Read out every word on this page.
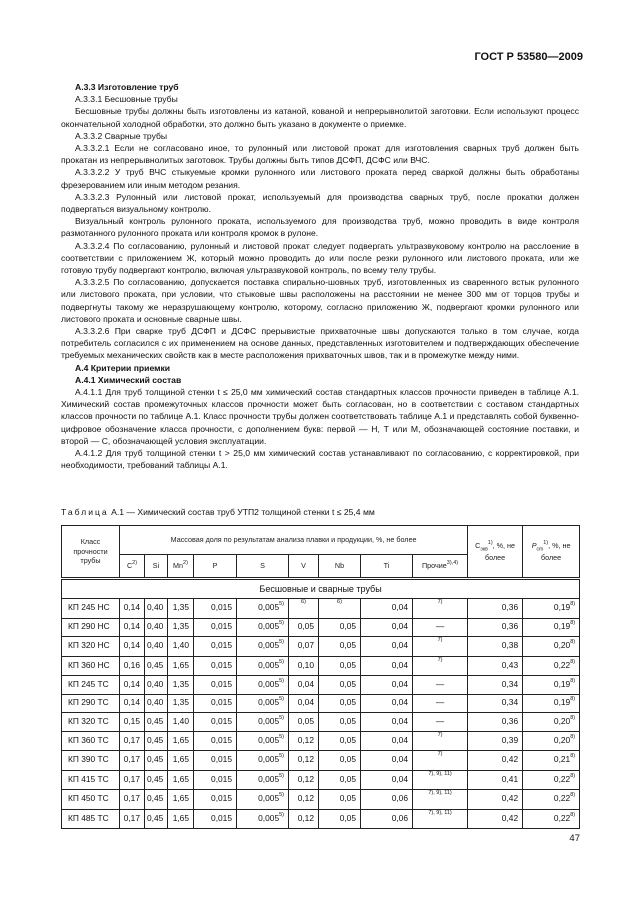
ГОСТ Р 53580—2009

А.3.3 Изготовление труб

А.3.3.1 Бесшовные трубы

Бесшовные трубы должны быть изготовлены из катаной, кованой и непрерывнолитой заготовки. Если используют процесс окончательной холодной обработки, это должно быть указано в документе о приемке.

А.3.3.2 Сварные трубы

А.3.3.2.1 Если не согласовано иное, то рулонный или листовой прокат для изготовления сварных труб должен быть прокатан из непрерывнолитых заготовок. Трубы должны быть типов ДСФП, ДСФС или ВЧС.

А.3.3.2.2 У труб ВЧС стыкуемые кромки рулонного или листового проката перед сваркой должны быть обработаны фрезерованием или иным методом резания.

А.3.3.2.3 Рулонный или листовой прокат, используемый для производства сварных труб, после прокатки должен подвергаться визуальному контролю.

Визуальный контроль рулонного проката, используемого для производства труб, можно проводить в виде контроля размотанного рулонного проката или контроля кромок в рулоне.

А.3.3.2.4 По согласованию, рулонный и листовой прокат следует подвергать ультразвуковому контролю на расслоение в соответствии с приложением Ж, который можно проводить до или после резки рулонного или листового проката, или же готовую трубу подвергают контролю, включая ультразвуковой контроль, по всему телу трубы.

А.3.3.2.5 По согласованию, допускается поставка спирально-шовных труб, изготовленных из сваренного встык рулонного или листового проката, при условии, что стыковые швы расположены на расстоянии не менее 300 мм от торцов трубы и подвергнуты такому же неразрушающему контролю, которому, согласно приложению Ж, подвергают кромки рулонного или листового проката и основные сварные швы.

А.3.3.2.6 При сварке труб ДСФП и ДСФС прерывистые прихваточные швы допускаются только в том случае, когда потребитель согласился с их применением на основе данных, представленных изготовителем и подтверждающих обеспечение требуемых механических свойств как в месте расположения прихваточных швов, так и в промежутке между ними.

А.4 Критерии приемки

А.4.1 Химический состав

А.4.1.1 Для труб толщиной стенки t ≤ 25,0 мм химический состав стандартных классов прочности приведен в таблице А.1. Химический состав промежуточных классов прочности может быть согласован, но в соответствии с составом стандартных классов прочности по таблице А.1. Класс прочности трубы должен соответствовать таблице А.1 и представлять собой буквенно-цифровое обозначение класса прочности, с дополнением букв: первой — Н, Т или М, обозначающей состояние поставки, и второй — С, обозначающей условия эксплуатации.

А.4.1.2 Для труб толщиной стенки t > 25,0 мм химический состав устанавливают по согласованию, с корректировкой, при необходимости, требований таблицы А.1.

Таблица А.1 — Химический состав труб УТП2 толщиной стенки t ≤ 25,4 мм
Класс прочности трубы	Массовая доля по результатам анализа плавки и продукции, %, не более									$C_{экв}^{1)}$, %, не более	$P_{cm}^{1)}$, %, не более
	$C^{2)}$	Si	Mn$^{2)}$	P	S	V	Nb	Ti	Прочие$^{3),4)}$
Бесшовные и сварные трубы											
КП 245 НС	0,14	0,40	1,35	0,015	0,005$^{5)}$	$^{6)}$	$^{6)}$	0,04	$^{7)}$	0,36	0,19$^{8)}$
КП 290 НС	0,14	0,40	1,35	0,015	0,005$^{5)}$	0,05	0,05	0,04	—	0,36	0,19$^{8)}$
КП 320 НС	0,14	0,40	1,40	0,015	0,005$^{5)}$	0,07	0,05	0,04	$^{7)}$	0,38	0,20$^{8)}$
КП 360 НС	0,16	0,45	1,65	0,015	0,005$^{5)}$	0,10	0,05	0,04	$^{7)}$	0,43	0,22$^{8)}$
КП 245 ТС	0,14	0,40	1,35	0,015	0,005$^{5)}$	0,04	0,05	0,04	—	0,34	0,19$^{8)}$
КП 290 ТС	0,14	0,40	1,35	0,015	0,005$^{5)}$	0,04	0,05	0,04	—	0,34	0,19$^{8)}$
КП 320 ТС	0,15	0,45	1,40	0,015	0,005$^{5)}$	0,05	0,05	0,04	—	0,36	0,20$^{8)}$
КП 360 ТС	0,17	0,45	1,65	0,015	0,005$^{5)}$	0,12	0,05	0,04	$^{7)}$	0,39	0,20$^{8)}$
КП 390 ТС	0,17	0,45	1,65	0,015	0,005$^{5)}$	0,12	0,05	0,04	$^{7)}$	0,42	0,21$^{8)}$
КП 415 ТС	0,17	0,45	1,65	0,015	0,005$^{5)}$	0,12	0,05	0,04	$^{7), 9), 11)}$	0,41	0,22$^{8)}$
КП 450 ТС	0,17	0,45	1,65	0,015	0,005$^{5)}$	0,12	0,05	0,06	$^{7), 9), 11)}$	0,42	0,22$^{8)}$
КП 485 ТС	0,17	0,45	1,65	0,015	0,005$^{5)}$	0,12	0,05	0,06	$^{7), 9), 11)}$	0,42	0,22$^{8)}$
47
